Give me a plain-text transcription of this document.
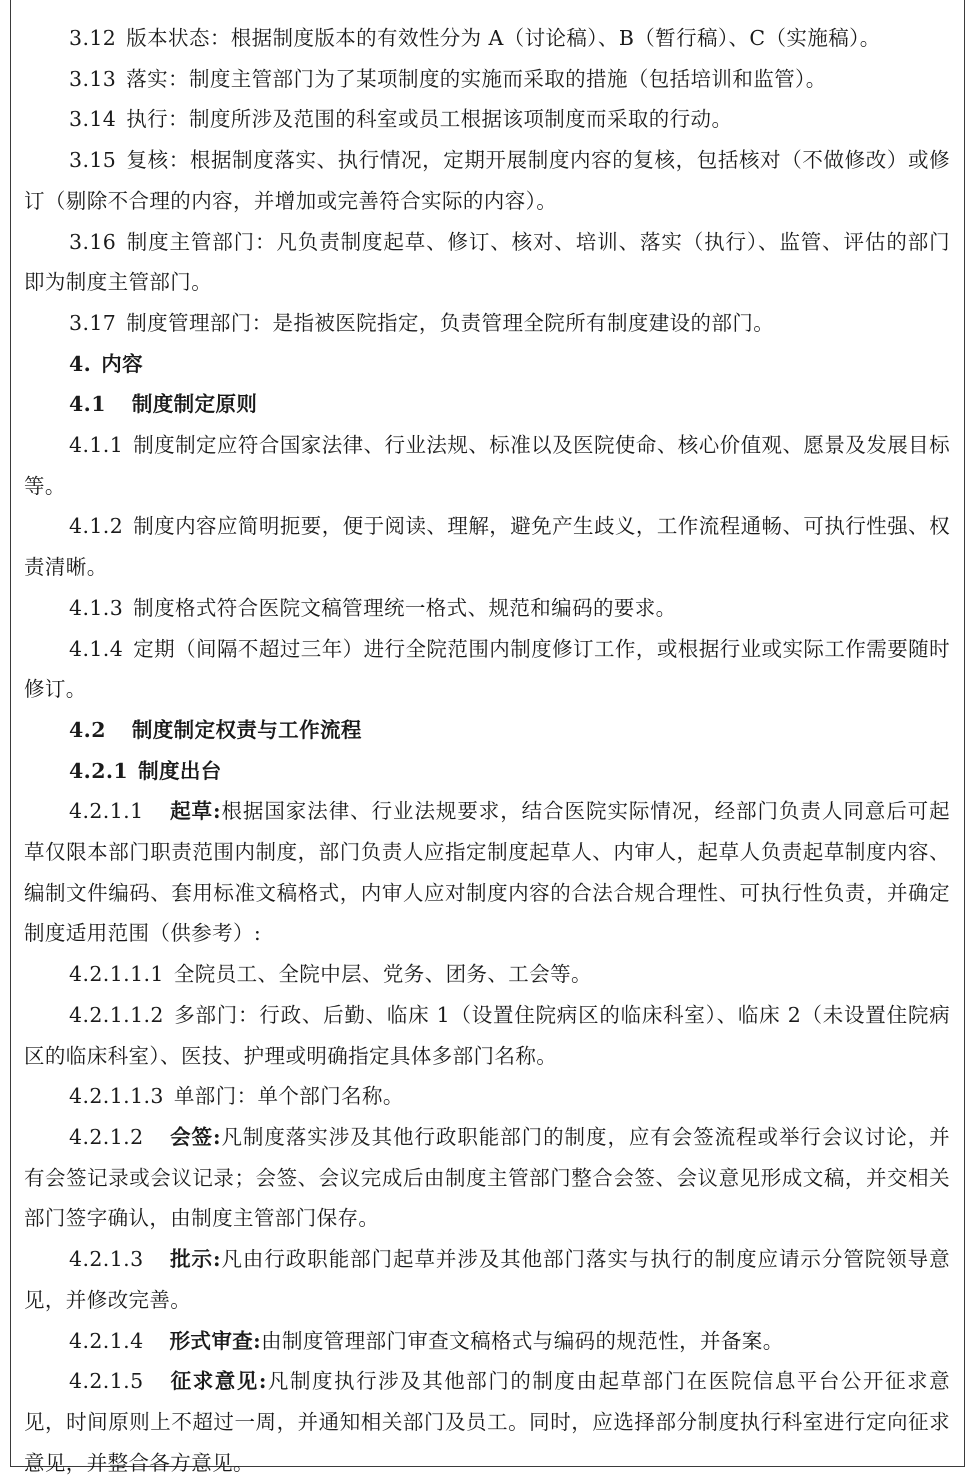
3.12 版本状态：根据制度版本的有效性分为 A（讨论稿）、B（暂行稿）、C（实施稿）。

3.13 落实：制度主管部门为了某项制度的实施而采取的措施（包括培训和监管）。

3.14 执行：制度所涉及范围的科室或员工根据该项制度而采取的行动。

3.15 复核：根据制度落实、执行情况，定期开展制度内容的复核，包括核对（不做修改）或修订（剔除不合理的内容，并增加或完善符合实际的内容）。

3.16 制度主管部门：凡负责制度起草、修订、核对、培训、落实（执行）、监管、评估的部门即为制度主管部门。

3.17 制度管理部门：是指被医院指定，负责管理全院所有制度建设的部门。

4. 内容

4.1 制度制定原则

4.1.1 制度制定应符合国家法律、行业法规、标准以及医院使命、核心价值观、愿景及发展目标等。

4.1.2 制度内容应简明扼要，便于阅读、理解，避免产生歧义，工作流程通畅、可执行性强、权责清晰。

4.1.3 制度格式符合医院文稿管理统一格式、规范和编码的要求。

4.1.4 定期（间隔不超过三年）进行全院范围内制度修订工作，或根据行业或实际工作需要随时修订。

4.2 制度制定权责与工作流程

4.2.1 制度出台

4.2.1.1 起草:根据国家法律、行业法规要求，结合医院实际情况，经部门负责人同意后可起草仅限本部门职责范围内制度，部门负责人应指定制度起草人、内审人，起草人负责起草制度内容、编制文件编码、套用标准文稿格式，内审人应对制度内容的合法合规合理性、可执行性负责，并确定制度适用范围（供参考）:

4.2.1.1.1 全院员工、全院中层、党务、团务、工会等。

4.2.1.1.2 多部门：行政、后勤、临床 1（设置住院病区的临床科室）、临床 2（未设置住院病区的临床科室）、医技、护理或明确指定具体多部门名称。

4.2.1.1.3 单部门：单个部门名称。

4.2.1.2 会签:凡制度落实涉及其他行政职能部门的制度，应有会签流程或举行会议讨论，并有会签记录或会议记录；会签、会议完成后由制度主管部门整合会签、会议意见形成文稿，并交相关部门签字确认，由制度主管部门保存。

4.2.1.3 批示:凡由行政职能部门起草并涉及其他部门落实与执行的制度应请示分管院领导意见，并修改完善。

4.2.1.4 形式审查:由制度管理部门审查文稿格式与编码的规范性，并备案。

4.2.1.5 征求意见:凡制度执行涉及其他部门的制度由起草部门在医院信息平台公开征求意见，时间原则上不超过一周，并通知相关部门及员工。同时，应选择部分制度执行科室进行定向征求意见，并整合各方意见。
